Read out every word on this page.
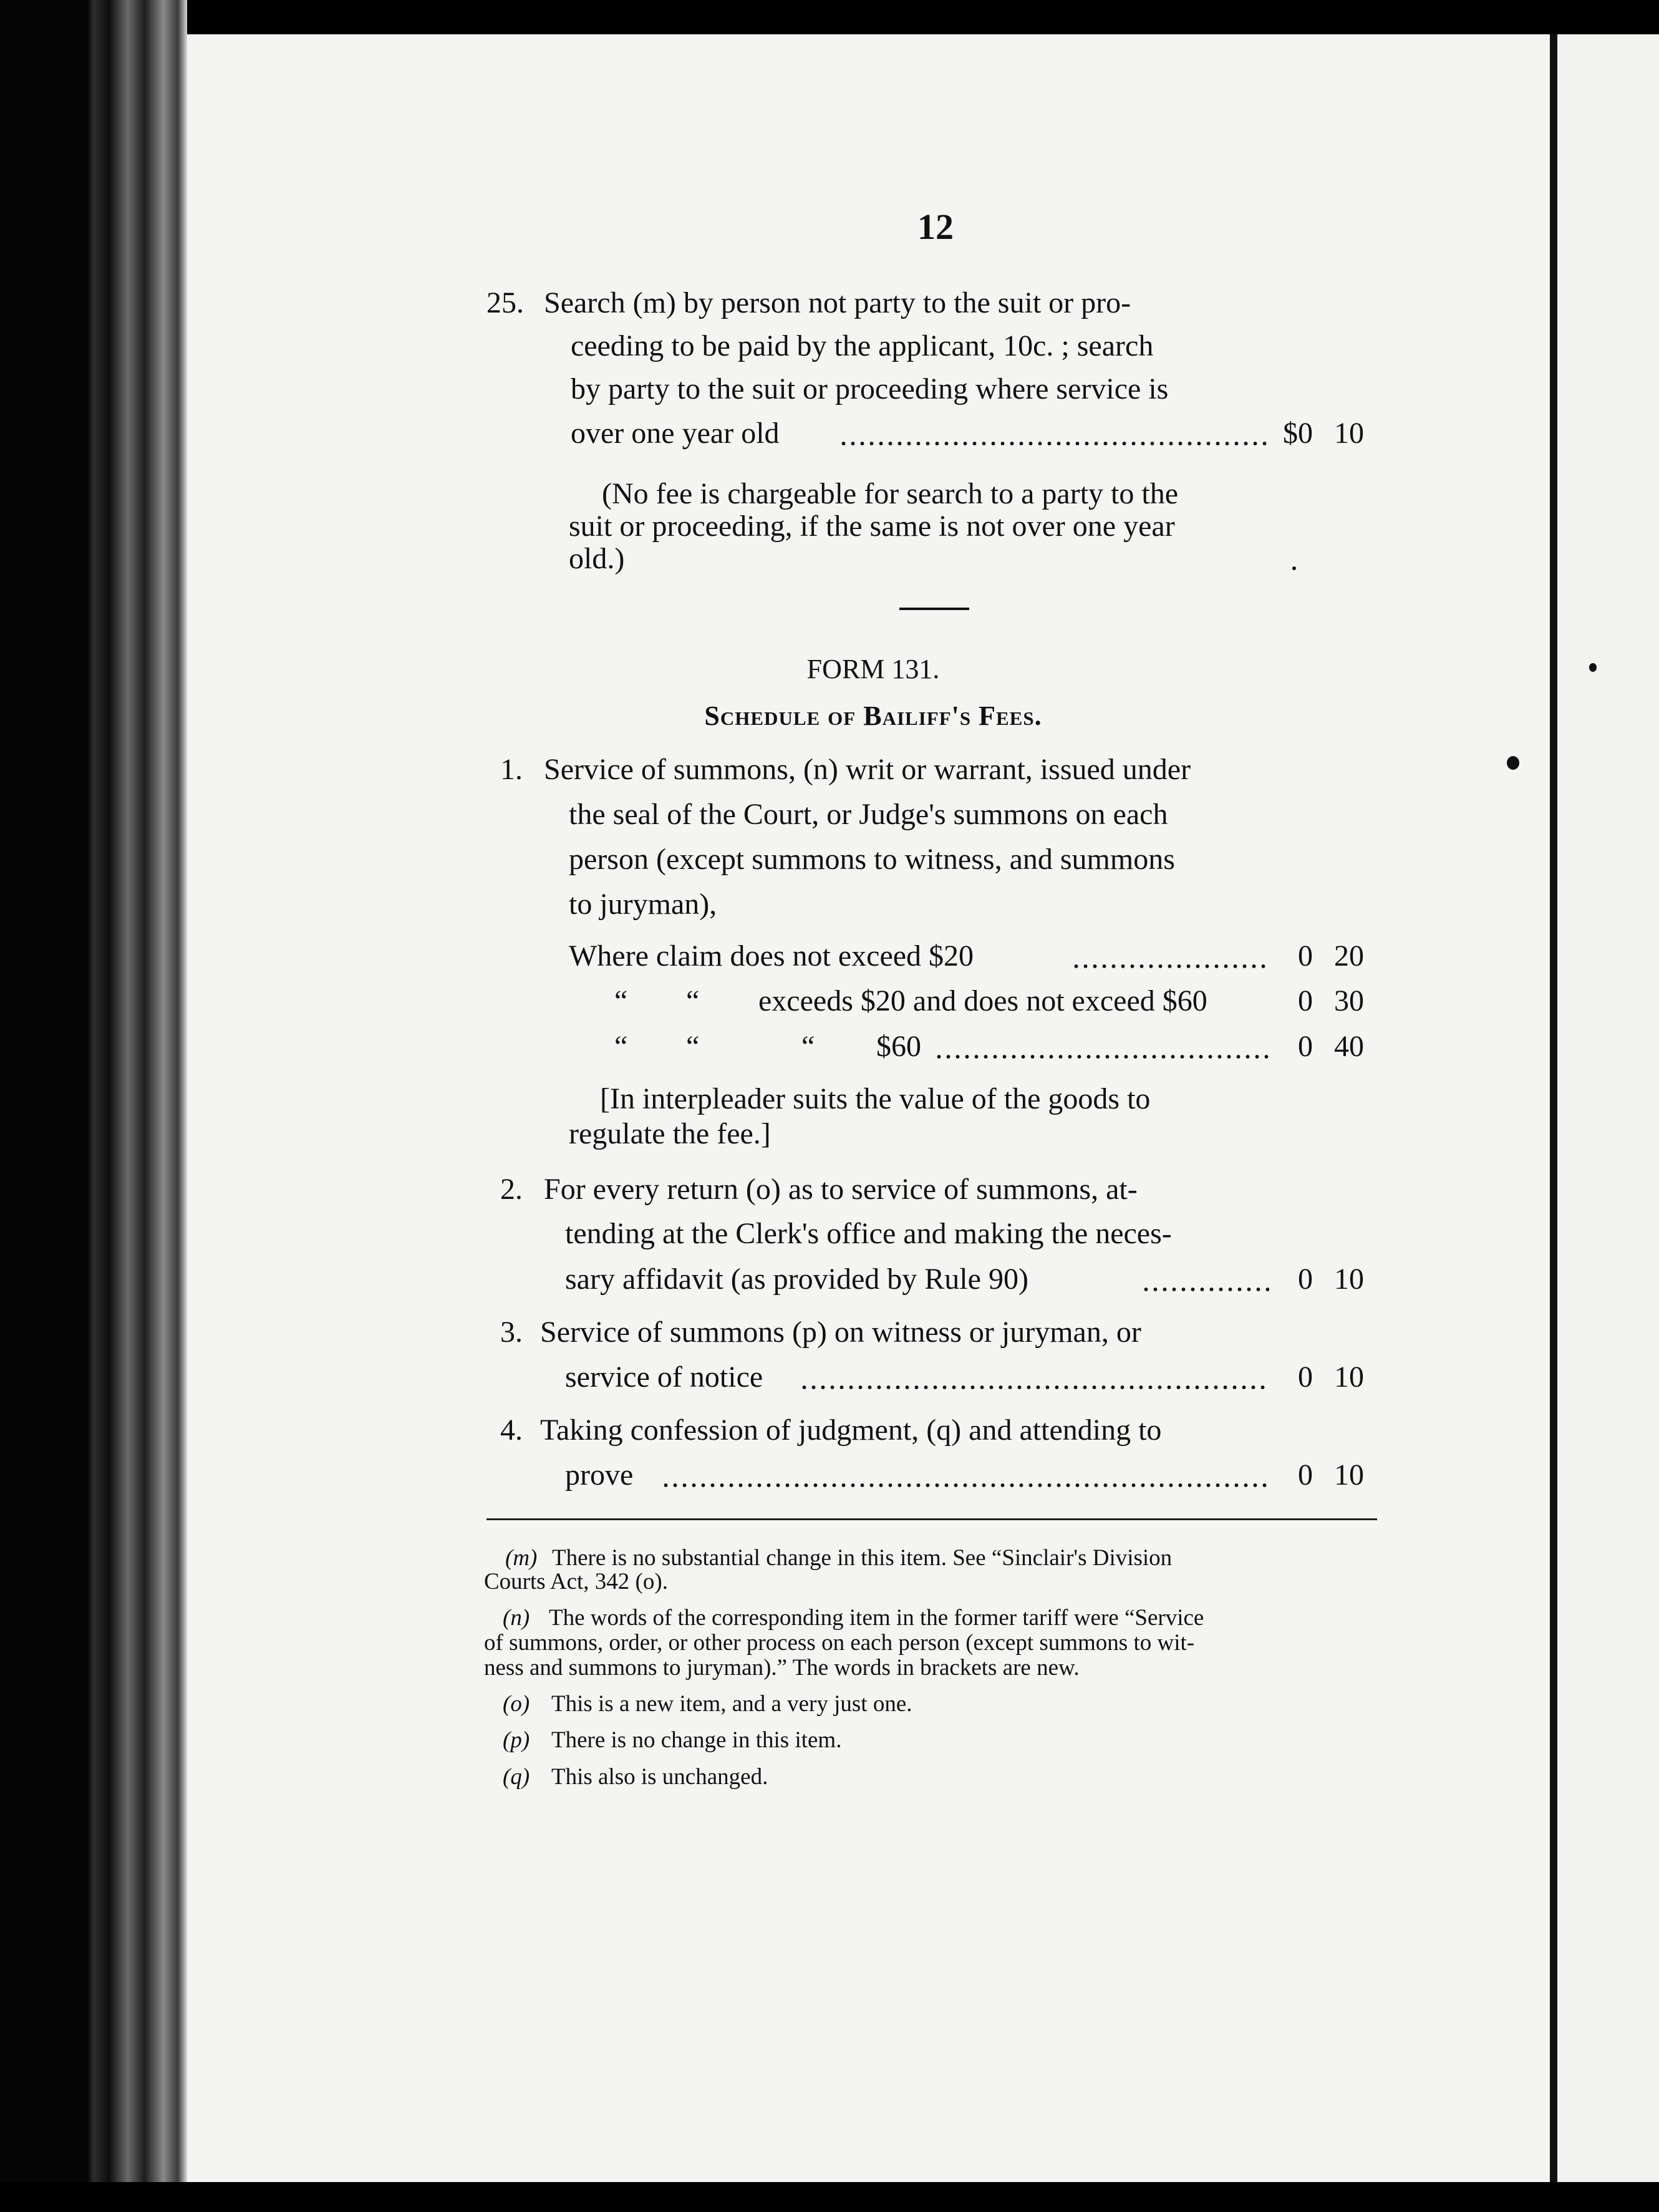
12
25. Search (m) by person not party to the suit or pro-
ceeding to be paid by the applicant, 10c. ; search
by party to the suit or proceeding where service is
over one year old	$0 10
(No fee is chargeable for search to a party to the
suit or proceeding, if the same is not over one year
old.)
FORM 131.
Schedule of Bailiff's Fees.
1. Service of summons, (n) writ or warrant, issued under
the seal of the Court, or Judge's summons on each
person (except summons to witness, and summons
to juryman),
Where claim does not exceed $20	0 20
“ “ exceeds $20 and does not exceed $60	0 30
“ “	“ $60	0 40
[In interpleader suits the value of the goods to
regulate the fee.]
2. For every return (o) as to service of summons, at-
tending at the Clerk's office and making the neces-
sary affidavit (as provided by Rule 90)	0 10
3. Service of summons (p) on witness or juryman, or
service of notice	0 10
4. Taking confession of judgment, (q) and attending to
prove	0 10
(m) There is no substantial change in this item. See “Sinclair's Division
Courts Act, 342 (o).
(n) The words of the corresponding item in the former tariff were “Service
of summons, order, or other process on each person (except summons to wit-
ness and summons to juryman).” The words in brackets are new.
(o) This is a new item, and a very just one.
(p) There is no change in this item.
(q) This also is unchanged.
